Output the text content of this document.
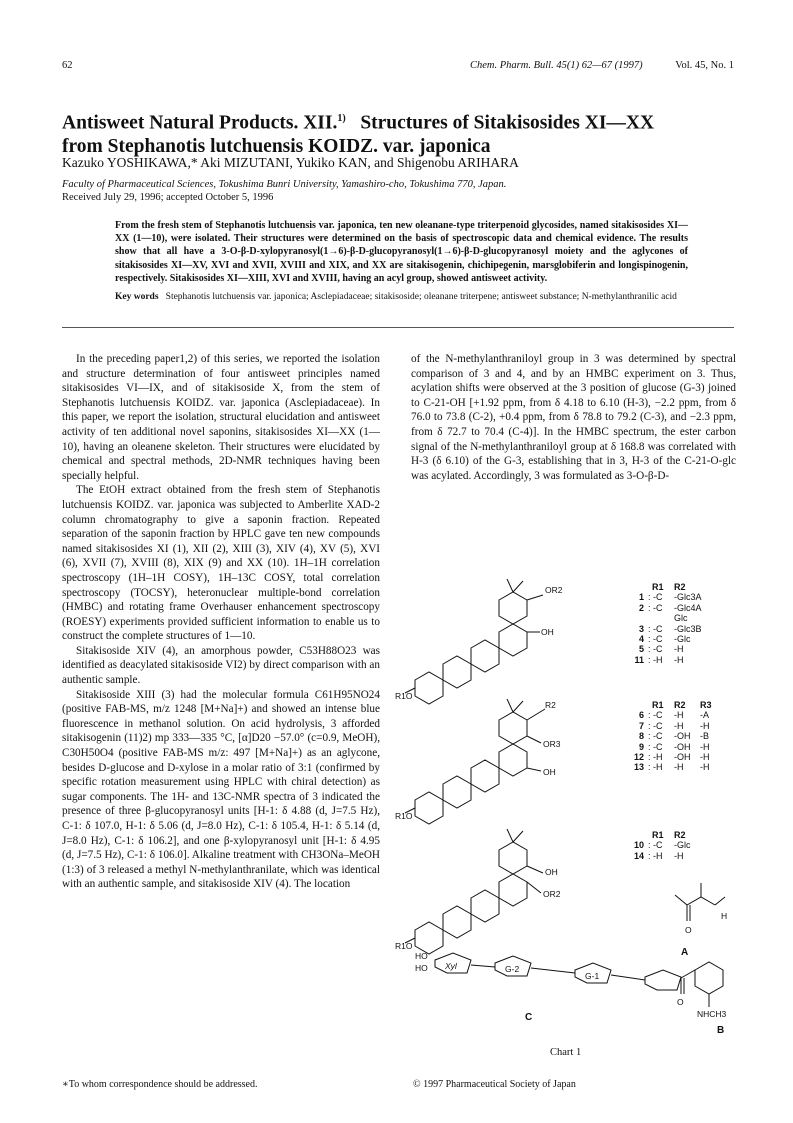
62	Chem. Pharm. Bull. 45(1) 62—67 (1997)	Vol. 45, No. 1
Antisweet Natural Products. XII.$^{1)}$ Structures of Sitakisosides XI—XX
from Stephanotis lutchuensis KOIDZ. var. japonica
Kazuko YOSHIKAWA,* Aki MIZUTANI, Yukiko KAN, and Shigenobu ARIHARA
Faculty of Pharmaceutical Sciences, Tokushima Bunri University, Yamashiro-cho, Tokushima 770, Japan.
Received July 29, 1996; accepted October 5, 1996
From the fresh stem of Stephanotis lutchuensis var. japonica, ten new oleanane-type triterpenoid glycosides, named sitakisosides XI—XX (1—10), were isolated. Their structures were determined on the basis of spectroscopic data and chemical evidence. The results show that all have a 3-O-β-D-xylopyranosyl(1→6)-β-D-glucopyranosyl(1→6)-β-D-glucopyranosyl moiety and the aglycones of sitakisosides XI—XV, XVI and XVII, XVIII and XIX, and XX are sitakisogenin, chichipegenin, marsglobiferin and longispinogenin, respectively. Sitakisosides XI—XIII, XVI and XVIII, having an acyl group, showed antisweet activity.
Key words Stephanotis lutchuensis var. japonica; Asclepiadaceae; sitakisoside; oleanane triterpene; antisweet substance; N-methylanthranilic acid

In the preceding paper1,2) of this series, we reported the isolation and structure determination of four antisweet principles named sitakisosides VI—IX, and of sitakisoside X, from the stem of Stephanotis lutchuensis KOIDZ. var. japonica (Asclepiadaceae). In this paper, we report the isolation, structural elucidation and antisweet activity of ten additional novel saponins, sitakisosides XI—XX (1—10), having an oleanene skeleton. Their structures were elucidated by chemical and spectral methods, 2D-NMR techniques having been specially helpful.

The EtOH extract obtained from the fresh stem of Stephanotis lutchuensis KOIDZ. var. japonica was subjected to Amberlite XAD-2 column chromatography to give a saponin fraction. Repeated separation of the saponin fraction by HPLC gave ten new compounds named sitakisosides XI (1), XII (2), XIII (3), XIV (4), XV (5), XVI (6), XVII (7), XVIII (8), XIX (9) and XX (10). 1H–1H correlation spectroscopy (1H–1H COSY), 1H–13C COSY, total correlation spectroscopy (TOCSY), heteronuclear multiple-bond correlation (HMBC) and rotating frame Overhauser enhancement spectroscopy (ROESY) experiments provided sufficient information to enable us to construct the complete structures of 1—10.

Sitakisoside XIV (4), an amorphous powder, C53H88O23 was identified as deacylated sitakisoside VI2) by direct comparison with an authentic sample.

Sitakisoside XIII (3) had the molecular formula C61H95NO24 (positive FAB-MS, m/z 1248 [M+Na]+) and showed an intense blue fluorescence in methanol solution. On acid hydrolysis, 3 afforded sitakisogenin (11)2) mp 333—335 °C, [α]D20 −57.0° (c=0.9, MeOH), C30H50O4 (positive FAB-MS m/z: 497 [M+Na]+) as an aglycone, besides D-glucose and D-xylose in a molar ratio of 3:1 (confirmed by specific rotation measurement using HPLC with chiral detection) as sugar components. The 1H- and 13C-NMR spectra of 3 indicated the presence of three β-glucopyranosyl units [H-1: δ 4.88 (d, J=7.5 Hz), C-1: δ 107.0, H-1: δ 5.06 (d, J=8.0 Hz), C-1: δ 105.4, H-1: δ 5.14 (d, J=8.0 Hz), C-1: δ 106.2], and one β-xylopyranosyl unit [H-1: δ 4.95 (d, J=7.5 Hz), C-1: δ 106.0]. Alkaline treatment with CH3ONa–MeOH (1:3) of 3 released a methyl N-methylanthranilate, which was identical with an authentic sample, and sitakisoside XIV (4). The location

of the N-methylanthraniloyl group in 3 was determined by spectral comparison of 3 and 4, and by an HMBC experiment on 3. Thus, acylation shifts were observed at the 3 position of glucose (G-3) joined to C-21-OH [+1.92 ppm, from δ 4.18 to 6.10 (H-3), −2.2 ppm, from δ 76.0 to 73.8 (C-2), +0.4 ppm, from δ 78.8 to 79.2 (C-3), and −2.3 ppm, from δ 72.7 to 70.4 (C-4)]. In the HMBC spectrum, the ester carbon signal of the N-methylanthraniloyl group at δ 168.8 was correlated with H-3 (δ 6.10) of the G-3, establishing that in 3, H-3 of the C-21-O-glc was acylated. Accordingly, 3 was formulated as 3-O-β-D-

OR2
OH
R1O
R2
OR3
OH
R1O
OH
OR2
R1O
O
H
O
NHCH3
Xyl	G-2
G-1
HO
HO
A
B
C
R1 R2
1 : -C -Glc3A
2 : -C -Glc4A
Glc
3 : -C -Glc3B
4 : -C -Glc
5 : -C -H
11 : -H -H
R1 R2 R3
6 : -C -H -A
7 : -C -H -H
8 : -C -OH -B
9 : -C -OH -H
12 : -H -OH -H
13 : -H -H -H
R1 R2
10 : -C -Glc
14 : -H -H
Chart 1
∗To whom correspondence should be addressed.	© 1997 Pharmaceutical Society of Japan
